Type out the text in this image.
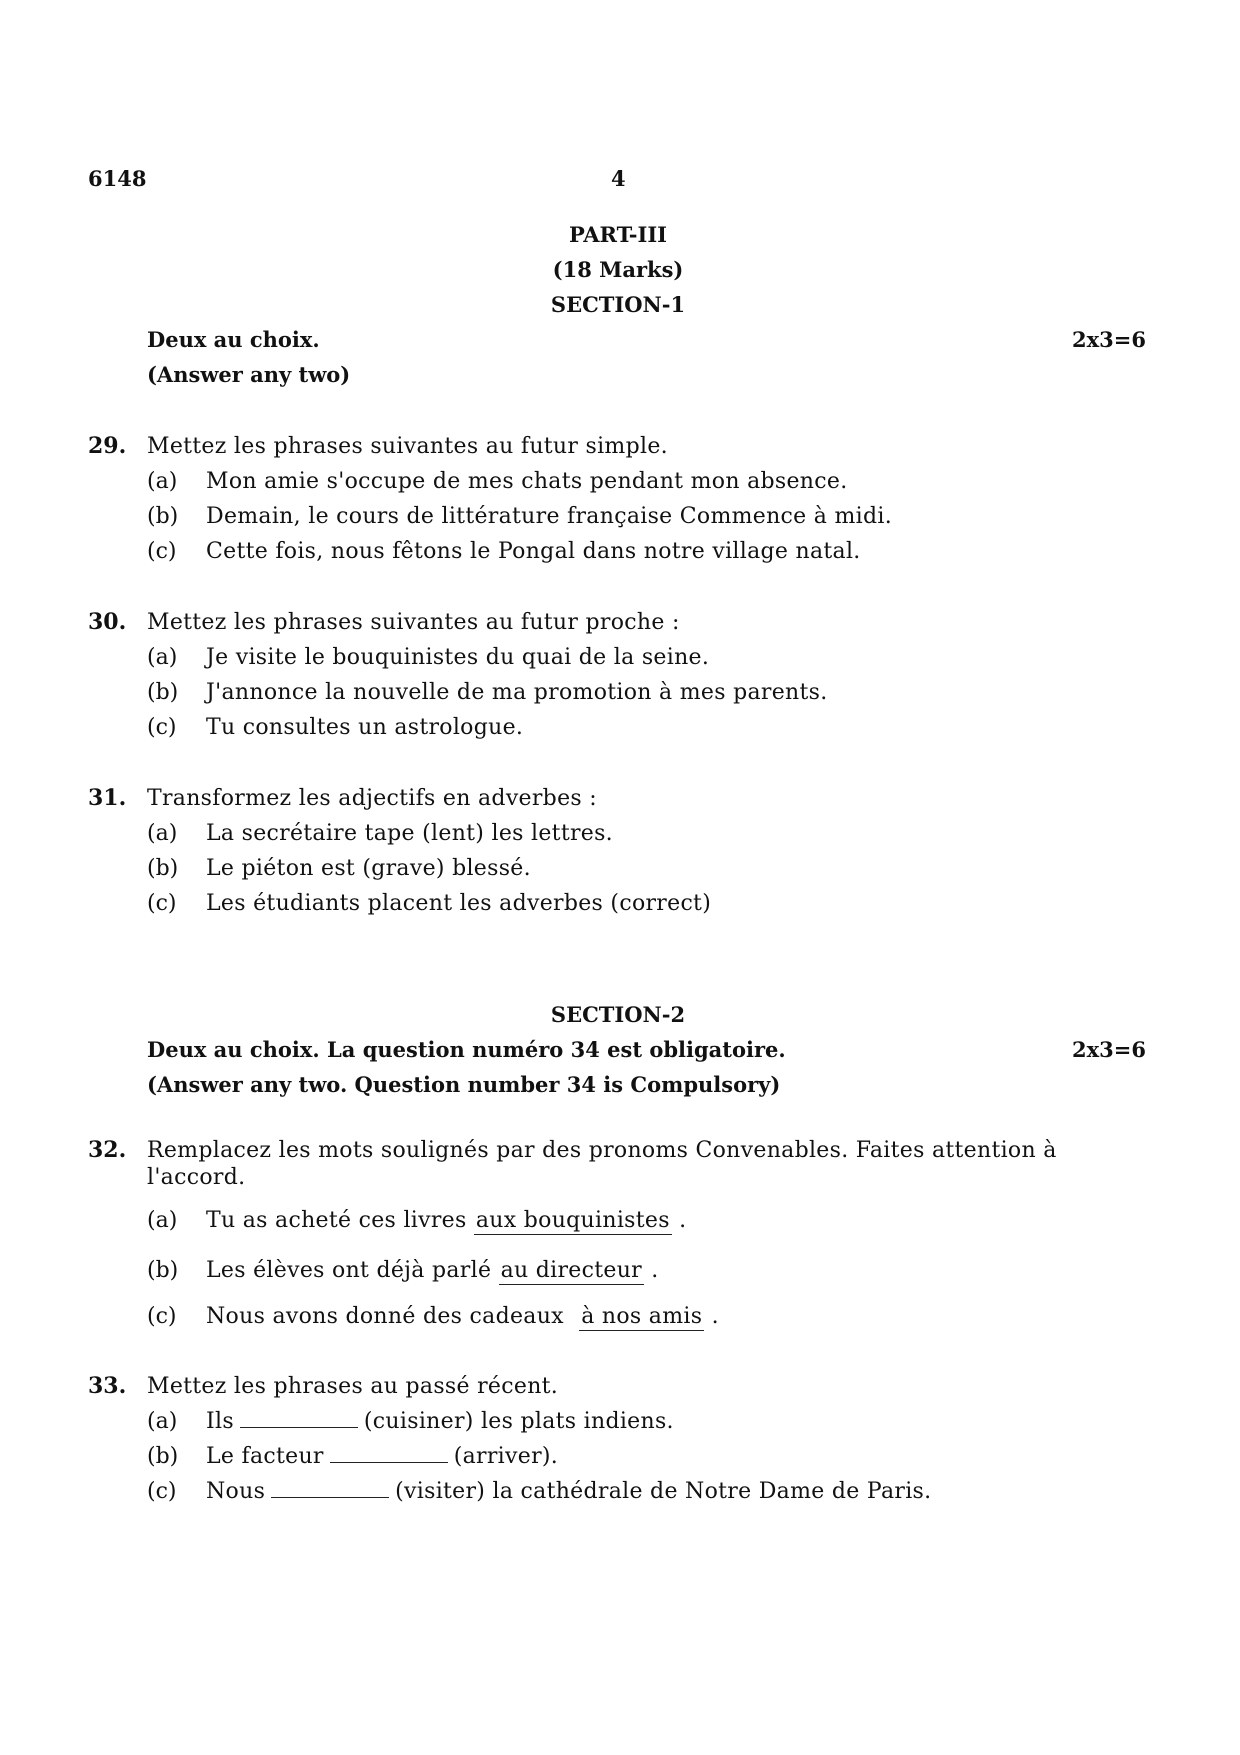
6148	4
PART-III
(18 Marks)
SECTION-1
Deux au choix.	2x3=6
(Answer any two)
29. Mettez les phrases suivantes au futur simple.
(a)	Mon amie s'occupe de mes chats pendant mon absence.
(b)	Demain, le cours de littérature française Commence à midi.
(c)	Cette fois, nous fêtons le Pongal dans notre village natal.
30. Mettez les phrases suivantes au futur proche :
(a)	Je visite le bouquinistes du quai de la seine.
(b)	J'annonce la nouvelle de ma promotion à mes parents.
(c)	Tu consultes un astrologue.
31. Transformez les adjectifs en adverbes :
(a)	La secrétaire tape (lent) les lettres.
(b)	Le piéton est (grave) blessé.
(c)	Les étudiants placent les adverbes (correct)
SECTION-2
Deux au choix. La question numéro 34 est obligatoire.	2x3=6
(Answer any two. Question number 34 is Compulsory)
32. Remplacez les mots soulignés par des pronoms Convenables. Faites attention à l'accord.
(a)	Tu as acheté ces livres aux bouquinistes .
(b)	Les élèves ont déjà parlé au directeur .
(c)	Nous avons donné des cadeaux à nos amis .
33. Mettez les phrases au passé récent.
(a)	Ils	(cuisiner) les plats indiens.
(b)	Le facteur	(arriver).
(c)	Nous	(visiter) la cathédrale de Notre Dame de Paris.
